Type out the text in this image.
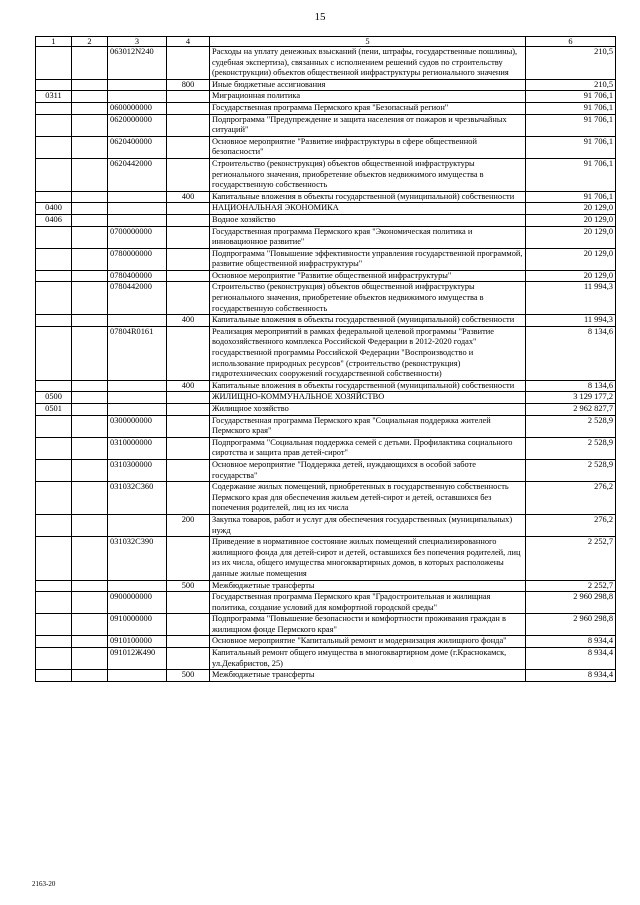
15
1	2	3	4	5	6
		063012N240		Расходы на уплату денежных взысканий (пени, штрафы, государственные пошлины), судебная экспертиза), связанных с исполнением решений судов по строительству (реконструкции) объектов общественной инфраструктуры регионального значения	210,5
			800	Иные бюджетные ассигнования	210,5
0311				Миграционная политика	91 706,1
		0600000000		Государственная программа Пермского края "Безопасный регион"	91 706,1
		0620000000		Подпрограмма "Предупреждение и защита населения от пожаров и чрезвычайных ситуаций"	91 706,1
		0620400000		Основное мероприятие "Развитие инфраструктуры в сфере общественной безопасности"	91 706,1
		0620442000		Строительство (реконструкция) объектов общественной инфраструктуры регионального значения, приобретение объектов недвижимого имущества в государственную собственность	91 706,1
			400	Капитальные вложения в объекты государственной (муниципальной) собственности	91 706,1
0400				НАЦИОНАЛЬНАЯ ЭКОНОМИКА	20 129,0
0406				Водное хозяйство	20 129,0
		0700000000		Государственная программа Пермского края "Экономическая политика и инновационное развитие"	20 129,0
		0780000000		Подпрограмма "Повышение эффективности управления государственной программой, развитие общественной инфраструктуры"	20 129,0
		0780400000		Основное мероприятие "Развитие общественной инфраструктуры"	20 129,0
		0780442000		Строительство (реконструкция) объектов общественной инфраструктуры регионального значения, приобретение объектов недвижимого имущества в государственную собственность	11 994,3
			400	Капитальные вложения в объекты государственной (муниципальной) собственности	11 994,3
		07804R0161		Реализация мероприятий в рамках федеральной целевой программы "Развитие водохозяйственного комплекса Российской Федерации в 2012-2020 годах" государственной программы Российской Федерации "Воспроизводство и использование природных ресурсов" (строительство (реконструкция) гидротехнических сооружений государственной собственности)	8 134,6
			400	Капитальные вложения в объекты государственной (муниципальной) собственности	8 134,6
0500				ЖИЛИЩНО-КОММУНАЛЬНОЕ ХОЗЯЙСТВО	3 129 177,2
0501				Жилищное хозяйство	2 962 827,7
		0300000000		Государственная программа Пермского края "Социальная поддержка жителей Пермского края"	2 528,9
		0310000000		Подпрограмма "Социальная поддержка семей с детьми. Профилактика социального сиротства и защита прав детей-сирот"	2 528,9
		0310300000		Основное мероприятие "Поддержка детей, нуждающихся в особой заботе государства"	2 528,9
		031032С360		Содержание жилых помещений, приобретенных в государственную собственность Пермского края для обеспечения жильем детей-сирот и детей, оставшихся без попечения родителей, лиц из их числа	276,2
			200	Закупка товаров, работ и услуг для обеспечения государственных (муниципальных) нужд	276,2
		031032С390		Приведение в нормативное состояние жилых помещений специализированного жилищного фонда для детей-сирот и детей, оставшихся без попечения родителей, лиц из их числа, общего имущества многоквартирных домов, в которых расположены данные жилые помещения	2 252,7
			500	Межбюджетные трансферты	2 252,7
		0900000000		Государственная программа Пермского края "Градостроительная и жилищная политика, создание условий для комфортной городской среды"	2 960 298,8
		0910000000		Подпрограмма "Повышение безопасности и комфортности проживания граждан в жилищном фонде Пермского края"	2 960 298,8
		0910100000		Основное мероприятие "Капитальный ремонт и модернизация жилищного фонда"	8 934,4
		091012Ж490		Капитальный ремонт общего имущества в многоквартирном доме (г.Краснокамск, ул.Декабристов, 25)	8 934,4
			500	Межбюджетные трансферты	8 934,4
2163-20
